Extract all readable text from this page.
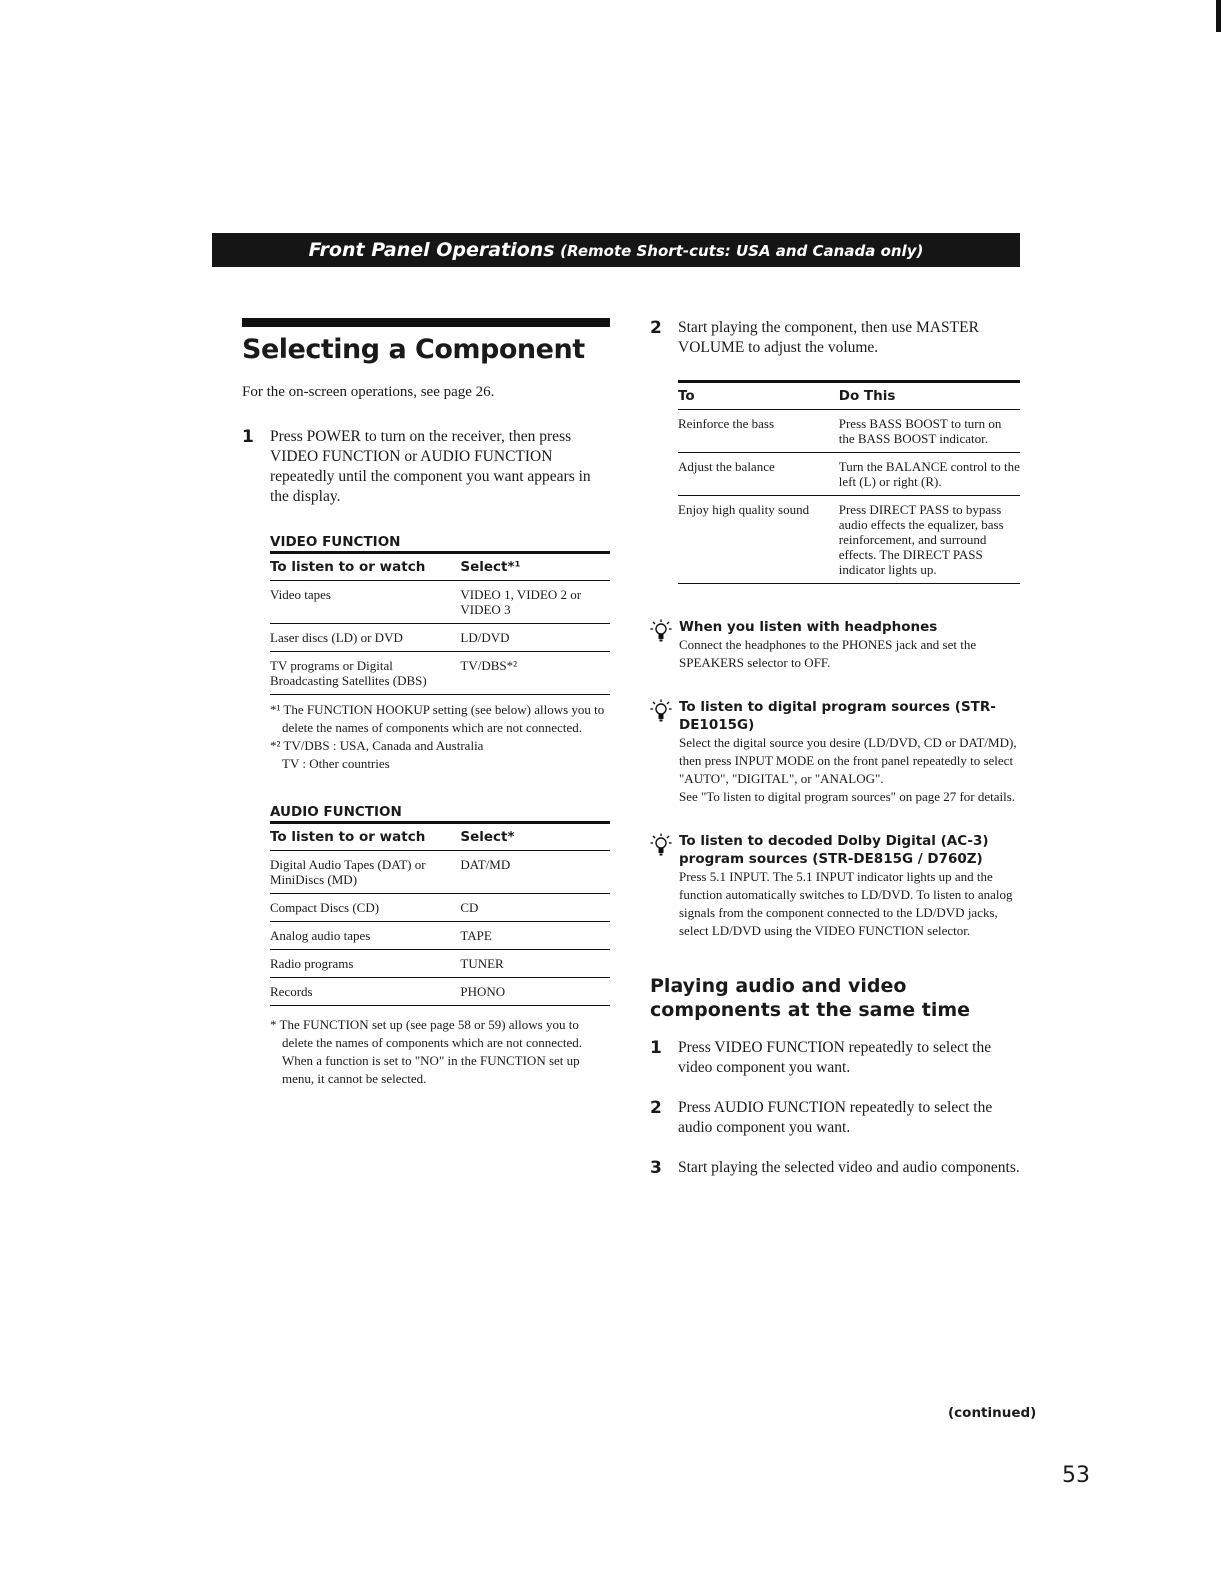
Front Panel Operations (Remote Short-cuts: USA and Canada only)
Selecting a Component
For the on-screen operations, see page 26.
1 Press POWER to turn on the receiver, then press VIDEO FUNCTION or AUDIO FUNCTION repeatedly until the component you want appears in the display.
VIDEO FUNCTION
To listen to or watch	Select*¹
Video tapes	VIDEO 1, VIDEO 2 or VIDEO 3
Laser discs (LD) or DVD	LD/DVD
TV programs or Digital Broadcasting Satellites (DBS)	TV/DBS*²
*¹ The FUNCTION HOOKUP setting (see below) allows you to delete the names of components which are not connected.
*² TV/DBS : USA, Canada and Australia
TV : Other countries
AUDIO FUNCTION
To listen to or watch	Select*
Digital Audio Tapes (DAT) or MiniDiscs (MD)	DAT/MD
Compact Discs (CD)	CD
Analog audio tapes	TAPE
Radio programs	TUNER
Records	PHONO
* The FUNCTION set up (see page 58 or 59) allows you to delete the names of components which are not connected. When a function is set to "NO" in the FUNCTION set up menu, it cannot be selected.
2 Start playing the component, then use MASTER VOLUME to adjust the volume.
To	Do This
Reinforce the bass	Press BASS BOOST to turn on the BASS BOOST indicator.
Adjust the balance	Turn the BALANCE control to the left (L) or right (R).
Enjoy high quality sound	Press DIRECT PASS to bypass audio effects the equalizer, bass reinforcement, and surround effects. The DIRECT PASS indicator lights up.
When you listen with headphones
Connect the headphones to the PHONES jack and set the SPEAKERS selector to OFF.
To listen to digital program sources (STR-DE1015G)
Select the digital source you desire (LD/DVD, CD or DAT/MD), then press INPUT MODE on the front panel repeatedly to select "AUTO", "DIGITAL", or "ANALOG".
See "To listen to digital program sources" on page 27 for details.
To listen to decoded Dolby Digital (AC-3) program sources (STR-DE815G / D760Z)
Press 5.1 INPUT. The 5.1 INPUT indicator lights up and the function automatically switches to LD/DVD. To listen to analog signals from the component connected to the LD/DVD jacks, select LD/DVD using the VIDEO FUNCTION selector.
Playing audio and video components at the same time
1 Press VIDEO FUNCTION repeatedly to select the video component you want.
2 Press AUDIO FUNCTION repeatedly to select the audio component you want.
3 Start playing the selected video and audio components.
(continued)
53
